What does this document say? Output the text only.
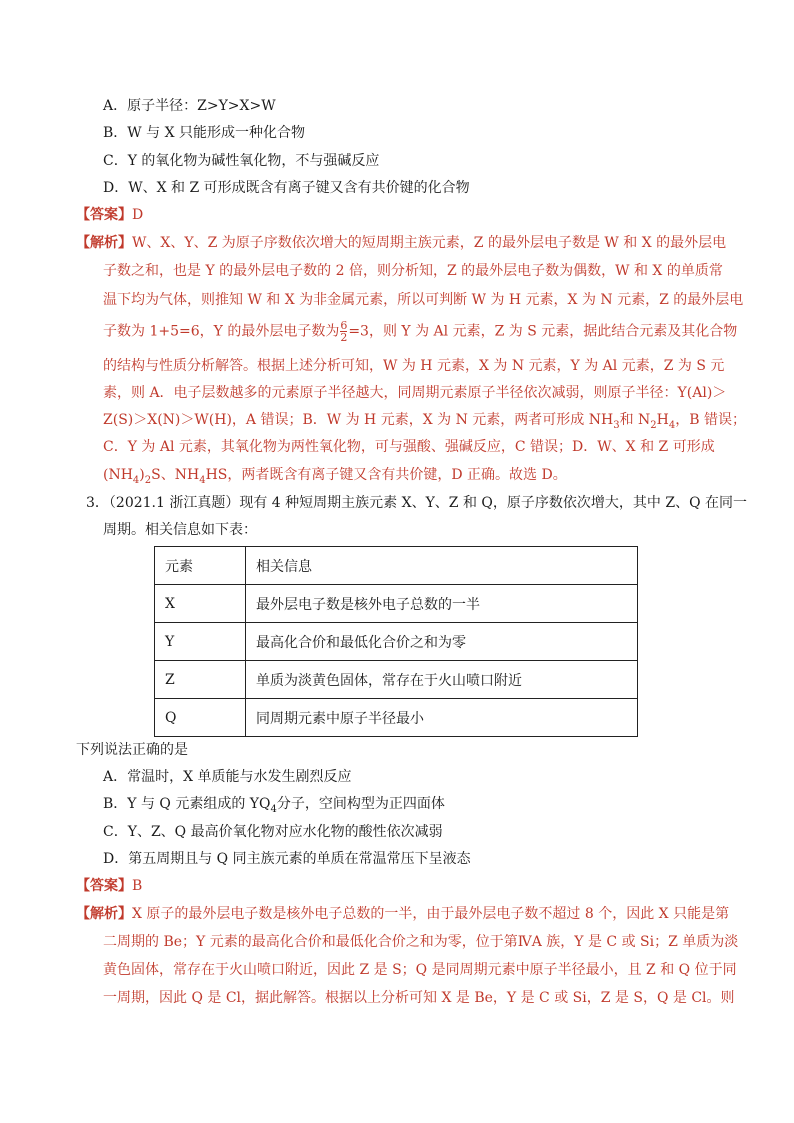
A．原子半径：Z>Y>X>W
B．W 与 X 只能形成一种化合物
C．Y 的氧化物为碱性氧化物，不与强碱反应
D．W、X 和 Z 可形成既含有离子键又含有共价键的化合物
【答案】D
【解析】W、X、Y、Z 为原子序数依次增大的短周期主族元素，Z 的最外层电子数是 W 和 X 的最外层电
子数之和，也是 Y 的最外层电子数的 2 倍，则分析知，Z 的最外层电子数为偶数，W 和 X 的单质常
温下均为气体，则推知 W 和 X 为非金属元素，所以可判断 W 为 H 元素，X 为 N 元素，Z 的最外层电
子数为 1+5=6，Y 的最外层电子数为 $\frac{6}{2} =3$，则 Y 为 Al 元素，Z 为 S 元素，据此结合元素及其化合物
的结构与性质分析解答。根据上述分析可知，W 为 H 元素，X 为 N 元素，Y 为 Al 元素，Z 为 S 元
素，则 A．电子层数越多的元素原子半径越大，同周期元素原子半径依次减弱，则原子半径：Y(Al)＞
Z(S)＞X(N)＞W(H)，A 错误；B．W 为 H 元素，X 为 N 元素，两者可形成 $NH_3$和 $N_2H_4$，B 错误；
C．Y 为 Al 元素，其氧化物为两性氧化物，可与强酸、强碱反应，C 错误；D．W、X 和 Z 可形成
$(NH_4)_2S$、$NH_4HS$，两者既含有离子键又含有共价键，D 正确。故选 D。
3．（2021.1 浙江真题）现有 4 种短周期主族元素 X、Y、Z 和 Q，原子序数依次增大，其中 Z、Q 在同一
周期。相关信息如下表：
元素	相关信息
X	最外层电子数是核外电子总数的一半
Y	最高化合价和最低化合价之和为零
Z	单质为淡黄色固体，常存在于火山喷口附近
Q	同周期元素中原子半径最小
下列说法正确的是
A．常温时，X 单质能与水发生剧烈反应
B．Y 与 Q 元素组成的 $YQ_4$分子，空间构型为正四面体
C．Y、Z、Q 最高价氧化物对应水化物的酸性依次减弱
D．第五周期且与 Q 同主族元素的单质在常温常压下呈液态
【答案】B
【解析】X 原子的最外层电子数是核外电子总数的一半，由于最外层电子数不超过 8 个，因此 X 只能是第
二周期的 Be；Y 元素的最高化合价和最低化合价之和为零，位于第ⅣA 族，Y 是 C 或 Si；Z 单质为淡
黄色固体，常存在于火山喷口附近，因此 Z 是 S；Q 是同周期元素中原子半径最小，且 Z 和 Q 位于同
一周期，因此 Q 是 Cl，据此解答。根据以上分析可知 X 是 Be，Y 是 C 或 Si，Z 是 S，Q 是 Cl。则
